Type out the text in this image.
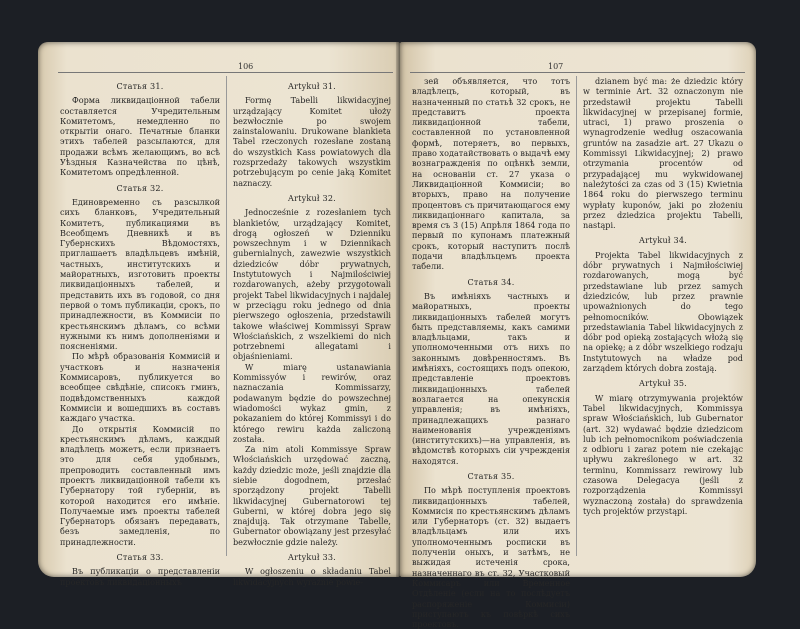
106
Статья 31.

Форма ликвидаціонной табели составляется Учредительным Комитетомъ, немедленно по открытіи онаго. Печатные бланки этихъ табелей разсылаются, для продажи всѣмъ желающимъ, во всѣ Уѣздныя Казначейства по цѣнѣ, Комитетомъ опредѣленной.

Статья 32.

Единовременно съ разсылкой сихъ бланковъ, Учредительный Комитетъ, публикациями въ Всеобщемъ Дневникѣ и въ Губернскихъ Вѣдомостяхъ, приглашаетъ владѣльцевъ имѣній, частныхъ, институтскихъ и майоратныхъ, изготовить проекты ликвидаціонныхъ табелей, и представить ихъ въ годовой, со дня первой о томъ публикаціи, срокъ, по принадлежности, въ Коммисіи по крестьянскимъ дѣламъ, со всѣми нужными къ нимъ дополненіями и поясненіями.

По мѣрѣ образованія Коммисій и участковъ и назначенія Коммисаровъ, публикуется во всеобщее свѣдѣніе, списокъ гминъ, подвѣдомственныхъ каждой Коммисіи и вошедшихъ въ составъ каждаго участка.

До открытія Коммисій по крестьянскимъ дѣламъ, каждый владѣлецъ можетъ, если признаетъ это для себя удобнымъ, препроводить составленный имъ проектъ ликвидаціонной табели къ Губернатору той губерніи, въ которой находится его имѣніе. Получаемые имъ проекты табелей Губернаторъ обязанъ передавать, безъ замедленія, по принадлежности.

Статья 33.

Въ публикаціи о представленіи проектовъ ликвидаціонныхъ

Artykuł 31.

Formę Tabelli likwidacyjnej urządzający Komitet ułoży bezwłocznie po swojem zainstalowaniu. Drukowane blankieta Tabel rzeczonych rozesłane zostaną do wszystkich Kass powiatowych dla rozsprzedaży takowych wszystkim potrzebującym po cenie jaką Komitet naznaczy.

Artykuł 32.

Jednocześnie z rozesłaniem tych blankietów, urządzający Komitet, drogą ogłoszeń w Dzienniku powszechnym i w Dziennikach gubernialnych, zawezwie wszystkich dziedziców dóbr prywatnych, Instytutowych i Najmilościwiej rozdarowanych, ażeby przygotowali projekt Tabel likwidacyjnych i najdalej w przeciągu roku jednego od dnia pierwszego ogłoszenia, przedstawili takowe właściwej Kommissyi Spraw Włościańskich, z wszelkiemi do nich potrzebnemi allegatami i objaśnieniami.

W miarę ustanawiania Kommissyów i rewirów, oraz naznaczania Kommissarzy, podawanym będzie do powszechnej wiadomości wykaz gmin, z pokazaniem do której Kommissyi i do którego rewiru każda zaliczoną została.

Za nim atoli Kommissye Spraw Włościańskich urzędować zaczną, każdy dziedzic może, jeśli znajdzie dla siebie dogodnem, przesłać sporządzony projekt Tabelli likwidacyjnej Gubernatorowi tej Guberni, w której dobra jego się znajdują. Tak otrzymane Tabelle, Gubernator obowiązany jest przesyłać bezwłocznie gdzie należy.

Artykuł 33.

W ogłoszeniu o składaniu Tabel likwidacyjnych wyraźnie powie-

107

зей объявляется, что тотъ владѣлецъ, который, въ назначенный по статьѣ 32 срокъ, не представитъ проекта ликвидаціонной табели, составленной по установленной формѣ, потеряетъ, во первыхъ, право ходатайствовать о выдачѣ ему вознагражденія по оцѣнкѣ земли, на основаніи ст. 27 указа о Ликвидаціонной Коммисіи; во вторыхъ, право на получение процентовъ съ причитающагося ему ликвидаціоннаго капитала, за время съ 3 (15) Апрѣля 1864 года по первый по купонамъ платежный срокъ, который наступитъ послѣ подачи владѣльцемъ проекта табели.

Статья 34.

Въ имѣніяхъ частныхъ и майоратныхъ, проекты ликвидаціонныхъ табелей могутъ быть представляемы, какъ самими владѣльцами, такъ и уполномоченными отъ нихъ по законнымъ довѣренностямъ. Въ имѣніяхъ, состоящихъ подъ опекою, представленіе проектовъ ликвидаціонныхъ табелей возлагается на опекунскія управленія; въ имѣніяхъ, принадлежащихъ разнаго наименованія учрежденіямъ (институтскихъ)—на управленія, въ вѣдомствѣ которыхъ сіи учрежденія находятся.

Статья 35.

По мѣрѣ поступленія проектовъ ликвидаціонныхъ табелей, Коммисія по крестьянскимъ дѣламъ или Губернаторъ (ст. 32) выдаетъ владѣльцамъ или ихъ уполномоченнымъ росписки въ полученіи оныхъ, и затѣмъ, не выжидая истеченія срока, назначеннаго въ ст. 32, Участковый Коммисаръ или Временное Отдѣленіе (если на то послѣдуетъ распоряженіе Коммисіи) приступаютъ къ повѣркѣ сихъ проектовъ.

dzianem być ma: że dziedzic który w terminie Art. 32 oznaczonym nie przedstawił projektu Tabelli likwidacyjnej w przepisanej formie, utraci, 1) prawo proszenia o wynagrodzenie według oszacowania gruntów na zasadzie art. 27 Ukazu o Kommissyi Likwidacyjnej; 2) prawo otrzymania procentów od przypadającej mu wykwidowanej należytości za czas od 3 (15) Kwietnia 1864 roku do pierwszego terminu wypłaty kuponów, jaki po złożeniu przez dziedzica projektu Tabelli, nastąpi.

Artykuł 34.

Projekta Tabel likwidacyjnych z dóbr prywatnych i Najmiłościwiej rozdarowanych, mogą być przedstawiane lub przez samych dziedziców, lub przez prawnie upoważnionych do tego pełnomocników. Obowiązek przedstawiania Tabel likwidacyjnych z dóbr pod opieką zostających włożą się na opiekę; a z dóbr wszelkiego rodzaju Instytutowych na władze pod zarządem których dobra zostają.

Artykuł 35.

W miarę otrzymywania projektów Tabel likwidacyjnych, Kommissya spraw Włościańskich, lub Gubernator (art. 32) wydawać będzie dziedzicom lub ich pełnomocnikom poświadczenia z odbioru i zaraz potem nie czekając upływu zakreślonego w art. 32 terminu, Kommissarz rewirowy lub czasowa Delegacya (jeśli z rozporządzenia Kommissyi wyznaczoną została) do sprawdzenia tych projektów przystąpi.
